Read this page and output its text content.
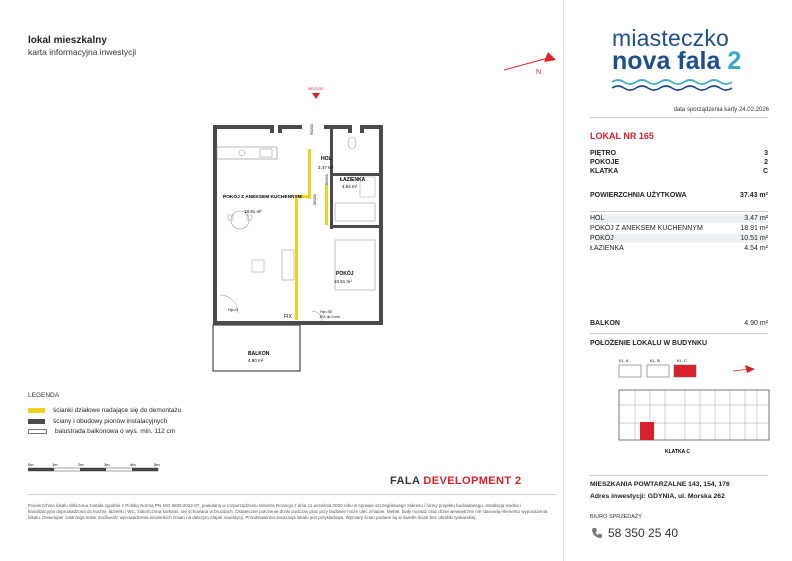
lokal mieszkalny
karta informacyjna inwestycji
N
WEJŚCIE
HOL
3.47 m²
ŁAZIENKA
4.54 m²
POKÓJ Z ANEKSEM KUCHENNYM
18.91 m²
POKÓJ
10.51 m²
BALKON
4.90 m²
FIX
Hp=0	Hp=30
EIS do 0 mm
90/200
80/200
80/200
LEGENDA
ścianki działowe nadające się do demontażu
ściany i obudowy pionów instalacyjnych
balustrada balkonowa o wys. min. 112 cm
0m	1m	2m	3m	4m	5m
FALA DEVELOPMENT 2
Powierzchnia lokalu obliczona zostala zgodnie z Polską Normą PN-ISO 9836:2022-07, powołaną w rozporządzeniu Ministra Rozwoju z dnia 11 września 2020 roku w sprawie szczegółowego zakresu i formy projektu budowlanego. Instalacja wodna i kanalizacyjna doprowadzona do kuchni, łazienki i WC, zakończona korkami, nie schowana w bruzdach. Ostateczne położenie drzwi podczas prac przy budowie może ulec zmianie. Meble, biały montaż oraz drzwi wewnętrzne nie stanowią elementu wyposażenia lokalu. Deweloper zastrzega sobie możliwość wprowadzenia niewielkich zmian na dalszym etapie inwestycji. Przedstawiona aranżacja lokalu jest przykładowa. Wymiary ścian podane są w świetle ścian bez obróbki tynkarskiej.
miasteczko
nova fala 2
data sporządzenia karty 24.02.2026
LOKAL NR 165
PIĘTRO	3
POKOJE	2
KLATKA	C
POWIERZCHNIA UŻYTKOWA	37.43 m²
HOL	3.47 m²
POKÓJ Z ANEKSEM KUCHENNYM	18.91 m²
POKÓJ	10.51 m²
ŁAZIENKA	4.54 m²
BALKON	4.90 m²
POŁOŻENIE LOKALU W BUDYNKU
KL. A	KL. B	KL. C
KLATKA C
MIESZKANIA POWTARZALNE 143, 154, 176
Adres inwestycji: GDYNIA, ul. Morska 262
BIURO SPRZEDAŻY
58 350 25 40
